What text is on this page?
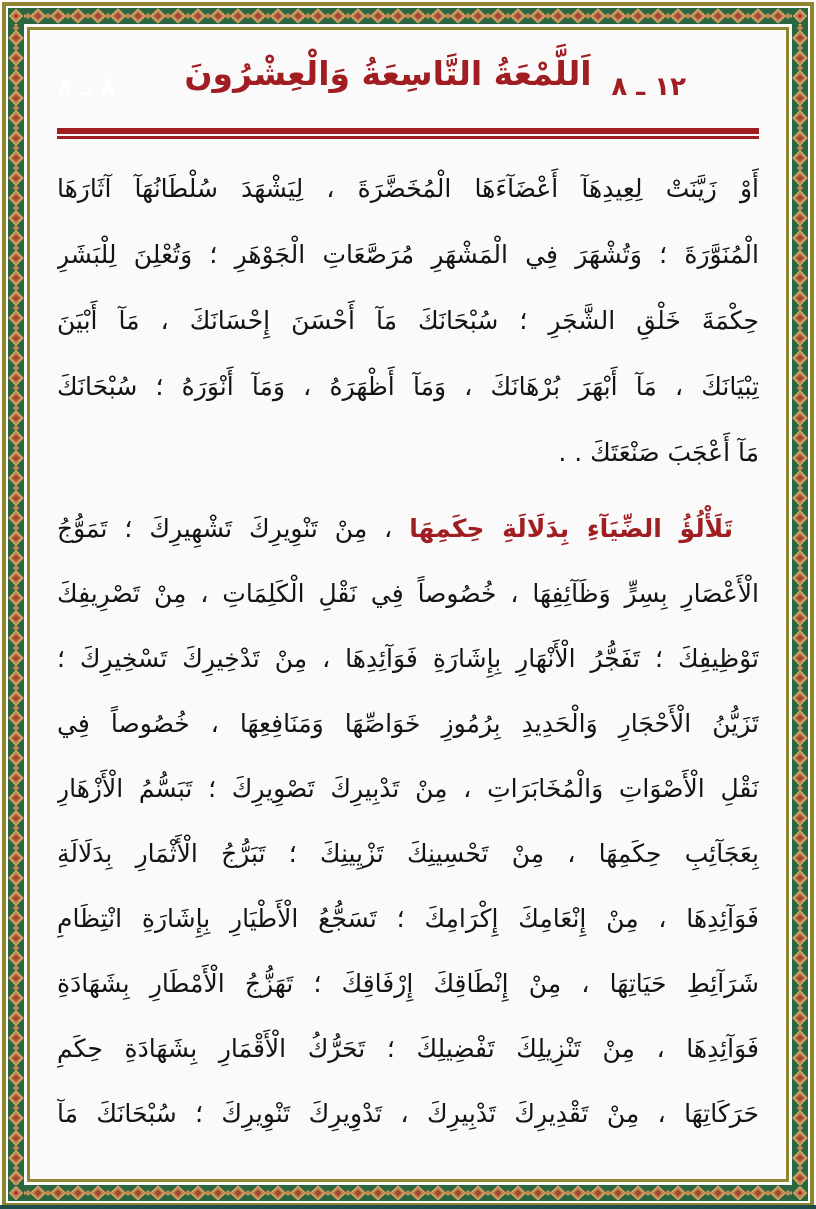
٨ ـ ٨	اَللَّمْعَةُ التَّاسِعَةُ وَالْعِشْرُونَ ١٢ ـ ٨
أَوْ زَيَّنَتْ لِعِيدِهَآ أَعْضَآءَهَا الْمُخَضَّرَةَ ، لِيَشْهَدَ سُلْطَانُهَآ آثَارَهَا
الْمُنَوَّرَةَ ؛ وَتُشْهَرَ فِي الْمَشْهَرِ مُرَصَّعَاتِ الْجَوْهَرِ ؛ وَتُعْلِنَ لِلْبَشَرِ
حِكْمَةَ خَلْقِ الشَّجَرِ ؛ سُبْحَانَكَ مَآ أَحْسَنَ إِحْسَانَكَ ، مَآ أَبْيَنَ
تِبْيَانَكَ ، مَآ أَبْهَرَ بُرْهَانَكَ ، وَمَآ أَظْهَرَهُ ، وَمَآ أَنْوَرَهُ ؛ سُبْحَانَكَ
مَآ أَعْجَبَ صَنْعَتَكَ . .
تَلَأْلُؤُ الضِّيَآءِ بِدَلَالَةِ حِكَمِهَا ، مِنْ تَنْوِيرِكَ تَشْهِيرِكَ ؛ تَمَوُّجُ
الْأَعْصَارِ بِسِرٍّ وَظَآئِفِهَا ، خُصُوصاً فِي نَقْلِ الْكَلِمَاتِ ، مِنْ تَصْرِيفِكَ
تَوْظِيفِكَ ؛ تَفَجُّرُ الْأَنْهَارِ بِإِشَارَةِ فَوَآئِدِهَا ، مِنْ تَدْخِيرِكَ تَسْخِيرِكَ ؛
تَزَيُّنُ الْأَحْجَارِ وَالْحَدِيدِ بِرُمُوزِ خَوَاصِّهَا وَمَنَافِعِهَا ، خُصُوصاً فِي
نَقْلِ الْأَصْوَاتِ وَالْمُخَابَرَاتِ ، مِنْ تَدْبِيرِكَ تَصْوِيرِكَ ؛ تَبَسُّمُ الْأَزْهَارِ
بِعَجَآئِبِ حِكَمِهَا ، مِنْ تَحْسِينِكَ تَزْيِينِكَ ؛ تَبَرُّجُ الْأَثْمَارِ بِدَلَالَةِ
فَوَآئِدِهَا ، مِنْ إِنْعَامِكَ إِكْرَامِكَ ؛ تَسَجُّعُ الْأَطْيَارِ بِإِشَارَةِ انْتِظَامِ
شَرَآئِطِ حَيَاتِهَا ، مِنْ إِنْطَاقِكَ إِرْفَاقِكَ ؛ تَهَزُّجُ الْأَمْطَارِ بِشَهَادَةِ
فَوَآئِدِهَا ، مِنْ تَنْزِيلِكَ تَفْضِيلِكَ ؛ تَحَرُّكُ الْأَقْمَارِ بِشَهَادَةِ حِكَمِ
حَرَكَاتِهَا ، مِنْ تَقْدِيرِكَ تَدْبِيرِكَ ، تَدْوِيرِكَ تَنْوِيرِكَ ؛ سُبْحَانَكَ مَآ
